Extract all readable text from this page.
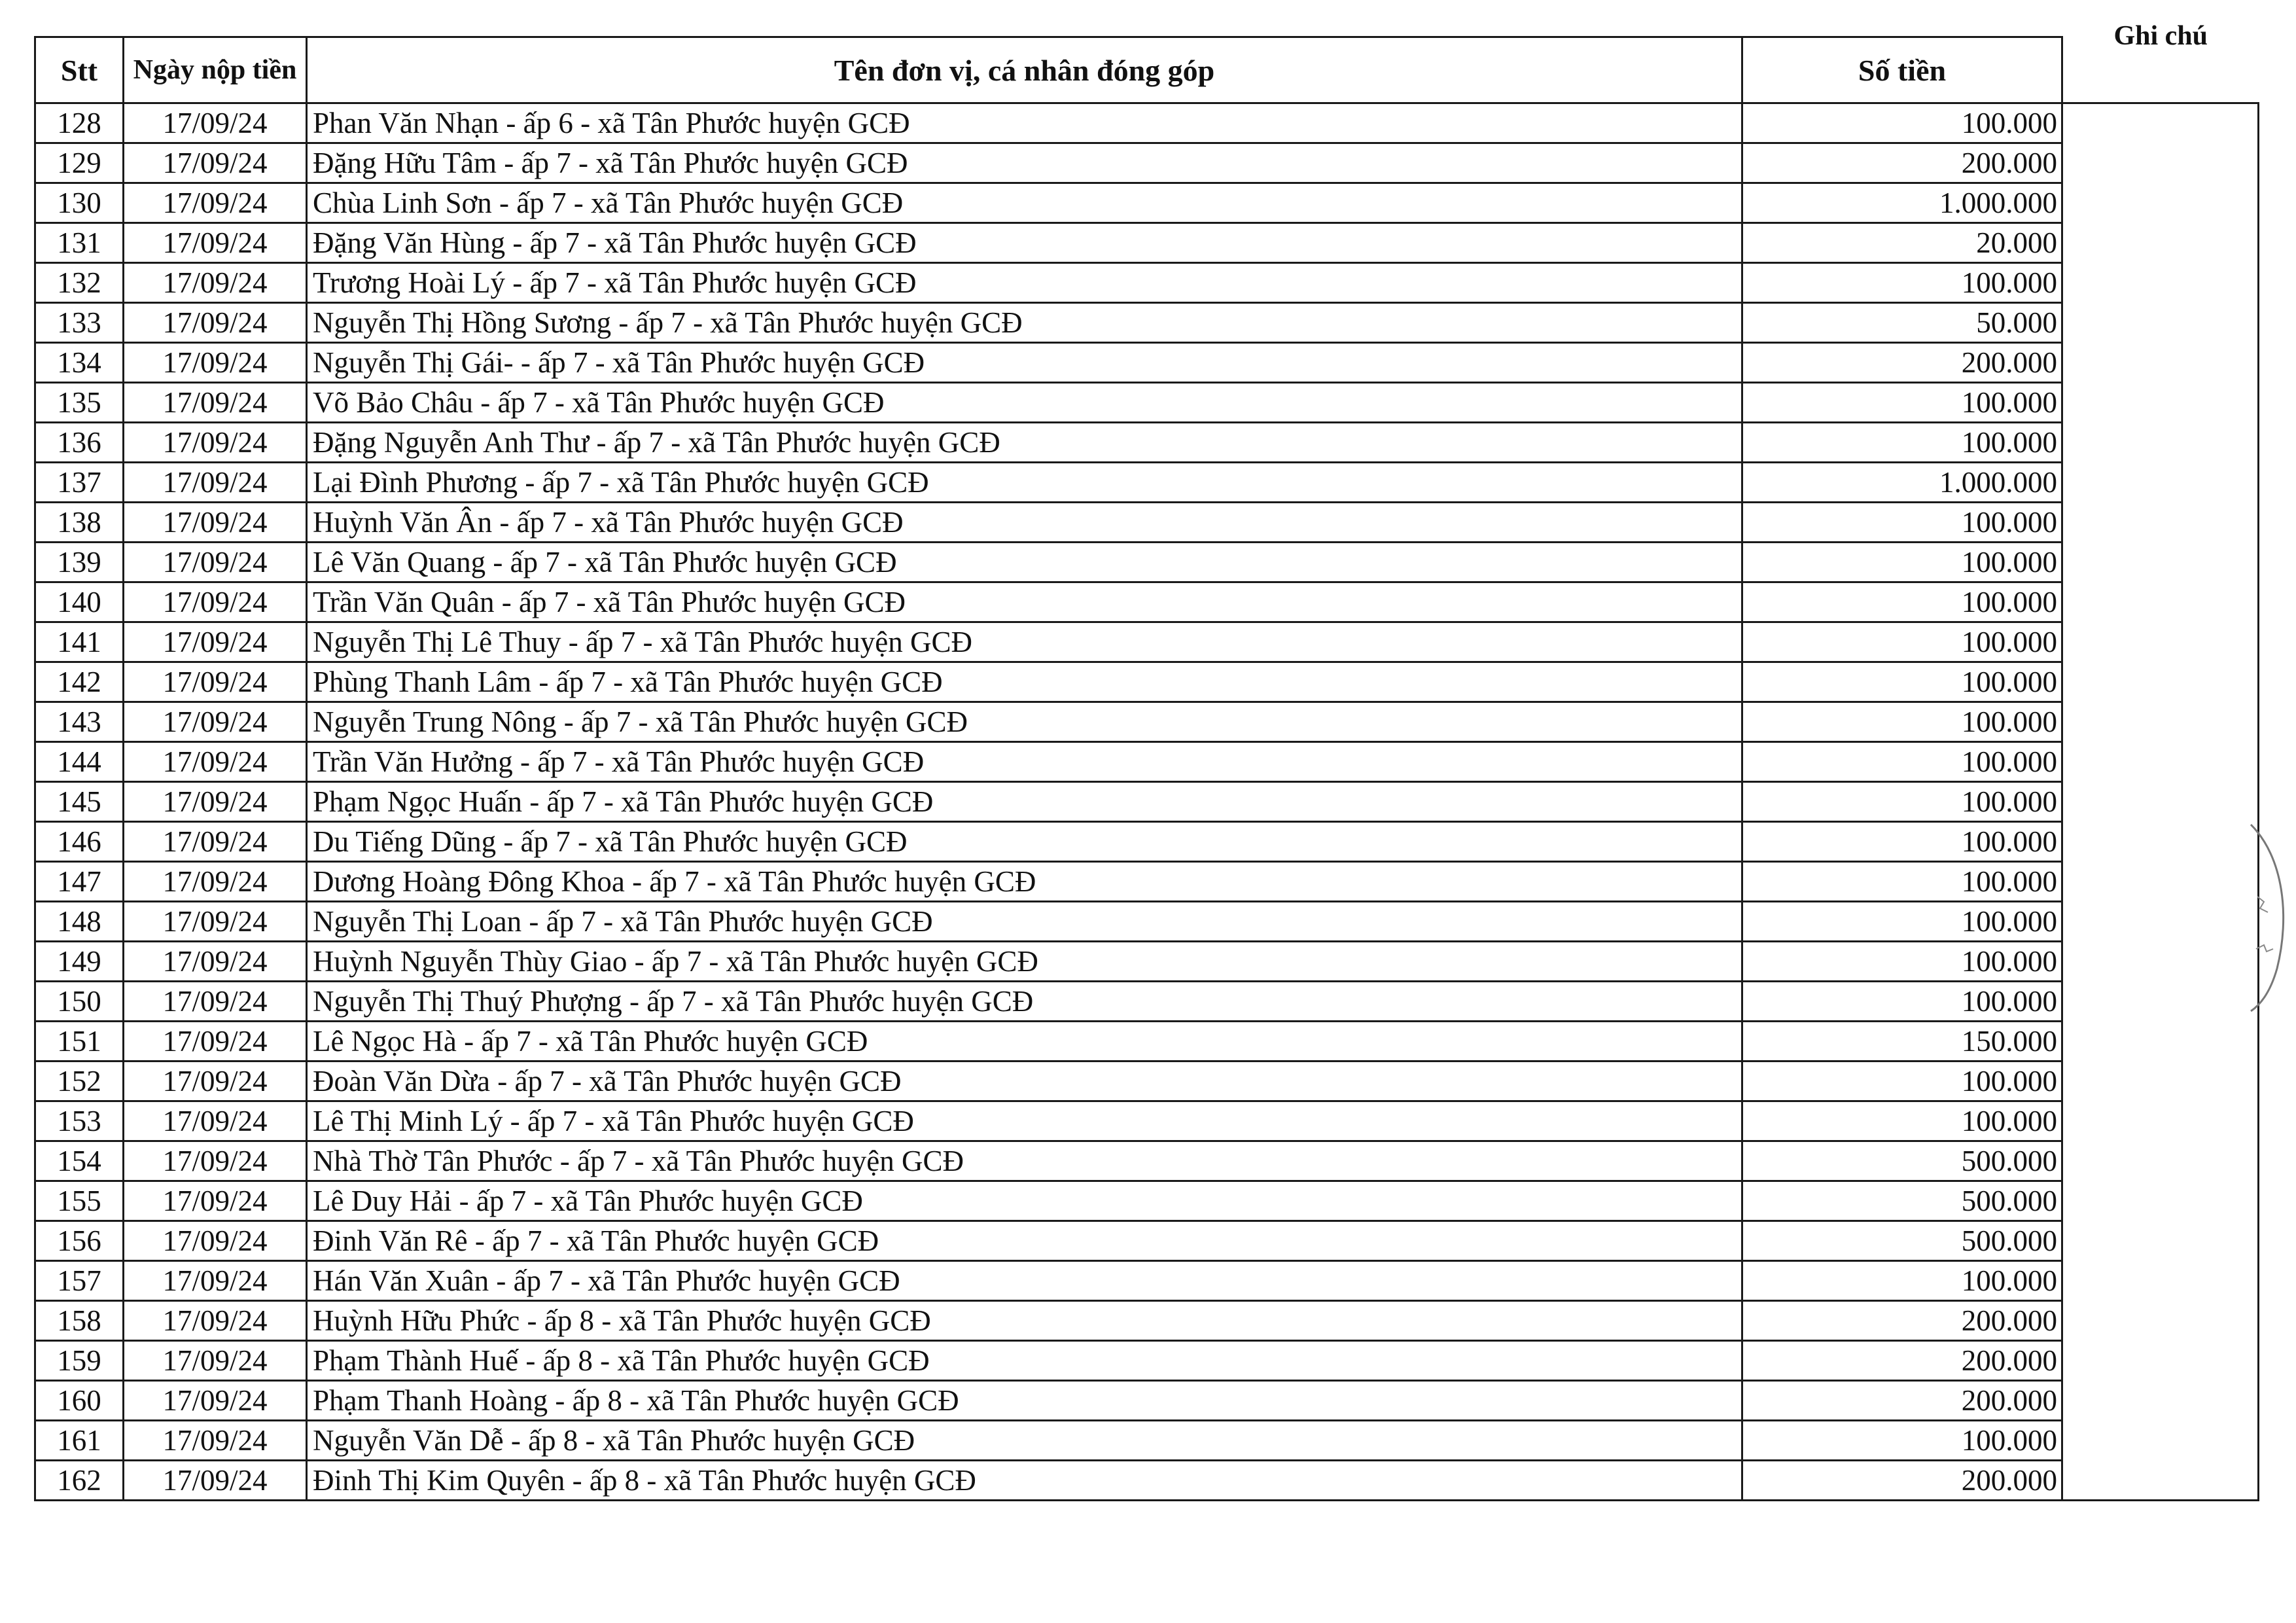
Stt	Ngày nộp tiền	Tên đơn vị, cá nhân đóng góp	Số tiền	Ghi chú

128	17/09/24	Phan Văn Nhạn - ấp 6 - xã Tân Phước huyện GCĐ	100.000	
129	17/09/24	Đặng Hữu Tâm - ấp 7 - xã Tân Phước huyện GCĐ	200.000	
130	17/09/24	Chùa Linh Sơn - ấp 7 - xã Tân Phước huyện GCĐ	1.000.000	
131	17/09/24	Đặng Văn Hùng - ấp 7 - xã Tân Phước huyện GCĐ	20.000	
132	17/09/24	Trương Hoài Lý - ấp 7 - xã Tân Phước huyện GCĐ	100.000	
133	17/09/24	Nguyễn Thị Hồng Sương - ấp 7 - xã Tân Phước huyện GCĐ	50.000	
134	17/09/24	Nguyễn Thị Gái- - ấp 7 - xã Tân Phước huyện GCĐ	200.000	
135	17/09/24	Võ Bảo Châu - ấp 7 - xã Tân Phước huyện GCĐ	100.000	
136	17/09/24	Đặng Nguyễn Anh Thư - ấp 7 - xã Tân Phước huyện GCĐ	100.000	
137	17/09/24	Lại Đình Phương - ấp 7 - xã Tân Phước huyện GCĐ	1.000.000	
138	17/09/24	Huỳnh Văn Ân - ấp 7 - xã Tân Phước huyện GCĐ	100.000	
139	17/09/24	Lê Văn Quang - ấp 7 - xã Tân Phước huyện GCĐ	100.000	
140	17/09/24	Trần Văn Quân - ấp 7 - xã Tân Phước huyện GCĐ	100.000	
141	17/09/24	Nguyễn Thị Lê Thuy - ấp 7 - xã Tân Phước huyện GCĐ	100.000	
142	17/09/24	Phùng Thanh Lâm - ấp 7 - xã Tân Phước huyện GCĐ	100.000	
143	17/09/24	Nguyễn Trung Nông - ấp 7 - xã Tân Phước huyện GCĐ	100.000	
144	17/09/24	Trần Văn Hưởng - ấp 7 - xã Tân Phước huyện GCĐ	100.000	
145	17/09/24	Phạm Ngọc Huấn - ấp 7 - xã Tân Phước huyện GCĐ	100.000	
146	17/09/24	Du Tiếng Dũng - ấp 7 - xã Tân Phước huyện GCĐ	100.000	
147	17/09/24	Dương Hoàng Đông Khoa - ấp 7 - xã Tân Phước huyện GCĐ	100.000	
148	17/09/24	Nguyễn Thị Loan - ấp 7 - xã Tân Phước huyện GCĐ	100.000	
149	17/09/24	Huỳnh Nguyễn Thùy Giao - ấp 7 - xã Tân Phước huyện GCĐ	100.000	
150	17/09/24	Nguyễn Thị Thuý Phượng - ấp 7 - xã Tân Phước huyện GCĐ	100.000	
151	17/09/24	Lê Ngọc Hà - ấp 7 - xã Tân Phước huyện GCĐ	150.000	
152	17/09/24	Đoàn Văn Dừa - ấp 7 - xã Tân Phước huyện GCĐ	100.000	
153	17/09/24	Lê Thị Minh Lý - ấp 7 - xã Tân Phước huyện GCĐ	100.000	
154	17/09/24	Nhà Thờ Tân Phước - ấp 7 - xã Tân Phước huyện GCĐ	500.000	
155	17/09/24	Lê Duy Hải - ấp 7 - xã Tân Phước huyện GCĐ	500.000	
156	17/09/24	Đinh Văn Rê - ấp 7 - xã Tân Phước huyện GCĐ	500.000	
157	17/09/24	Hán Văn Xuân - ấp 7 - xã Tân Phước huyện GCĐ	100.000	
158	17/09/24	Huỳnh Hữu Phức - ấp 8 - xã Tân Phước huyện GCĐ	200.000	
159	17/09/24	Phạm Thành Huế - ấp 8 - xã Tân Phước huyện GCĐ	200.000	
160	17/09/24	Phạm Thanh Hoàng - ấp 8 - xã Tân Phước huyện GCĐ	200.000	
161	17/09/24	Nguyễn Văn Dễ - ấp 8 - xã Tân Phước huyện GCĐ	100.000	
162	17/09/24	Đinh Thị Kim Quyên - ấp 8 - xã Tân Phước huyện GCĐ	200.000	
